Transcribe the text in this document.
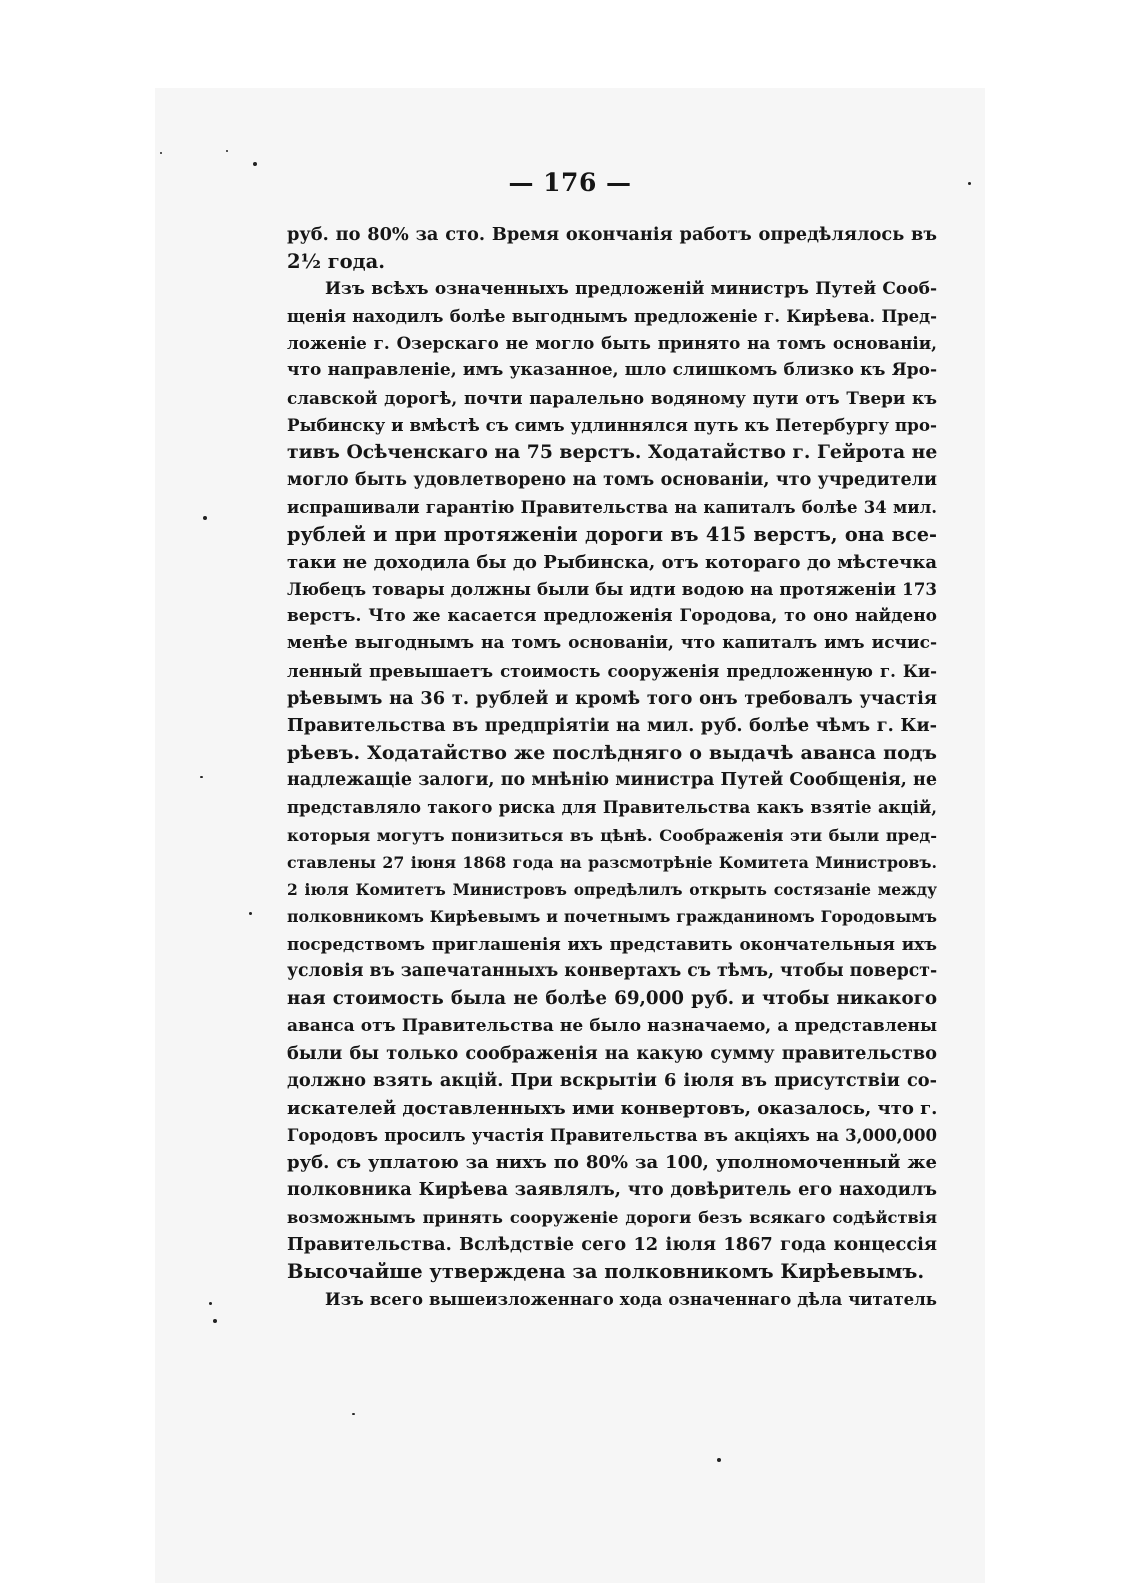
— 176 —
руб. по 80% за сто. Время окончанія работъ опредѣлялось въ
2½ года.
Изъ всѣхъ означенныхъ предложеній министръ Путей Сооб-
щенія находилъ болѣе выгоднымъ предложеніе г. Кирѣева. Пред-
ложеніе г. Озерскаго не могло быть принято на томъ основаніи,
что направленіе, имъ указанное, шло слишкомъ близко къ Яро-
славской дорогѣ, почти паралельно водяному пути отъ Твери къ
Рыбинску и вмѣстѣ съ симъ удлиннялся путь къ Петербургу про-
тивъ Осѣченскаго на 75 верстъ. Ходатайство г. Гейрота не
могло быть удовлетворено на томъ основаніи, что учредители
испрашивали гарантію Правительства на капиталъ болѣе 34 мил.
рублей и при протяженіи дороги въ 415 верстъ, она все-
таки не доходила бы до Рыбинска, отъ котораго до мѣстечка
Любецъ товары должны были бы идти водою на протяженіи 173
верстъ. Что же касается предложенія Городова, то оно найдено
менѣе выгоднымъ на томъ основаніи, что капиталъ имъ исчис-
ленный превышаетъ стоимость сооруженія предложенную г. Ки-
рѣевымъ на 36 т. рублей и кромѣ того онъ требовалъ участія
Правительства въ предпріятіи на мил. руб. болѣе чѣмъ г. Ки-
рѣевъ. Ходатайство же послѣдняго о выдачѣ аванса подъ
надлежащіе залоги, по мнѣнію министра Путей Сообщенія, не
представляло такого риска для Правительства какъ взятіе акцій,
которыя могутъ понизиться въ цѣнѣ. Соображенія эти были пред-
ставлены 27 іюня 1868 года на разсмотрѣніе Комитета Министровъ.
2 іюля Комитетъ Министровъ опредѣлилъ открыть состязаніе между
полковникомъ Кирѣевымъ и почетнымъ гражданиномъ Городовымъ
посредствомъ приглашенія ихъ представить окончательныя ихъ
условія въ запечатанныхъ конвертахъ съ тѣмъ, чтобы поверст-
ная стоимость была не болѣе 69,000 руб. и чтобы никакого
аванса отъ Правительства не было назначаемо, а представлены
были бы только соображенія на какую сумму правительство
должно взять акцій. При вскрытіи 6 іюля въ присутствіи со-
искателей доставленныхъ ими конвертовъ, оказалось, что г.
Городовъ просилъ участія Правительства въ акціяхъ на 3,000,000
руб. съ уплатою за нихъ по 80% за 100, уполномоченный же
полковника Кирѣева заявлялъ, что довѣритель его находилъ
возможнымъ принять сооруженіе дороги безъ всякаго содѣйствія
Правительства. Вслѣдствіе сего 12 іюля 1867 года концессія
Высочайше утверждена за полковникомъ Кирѣевымъ.
Изъ всего вышеизложеннаго хода означеннаго дѣла читатель
